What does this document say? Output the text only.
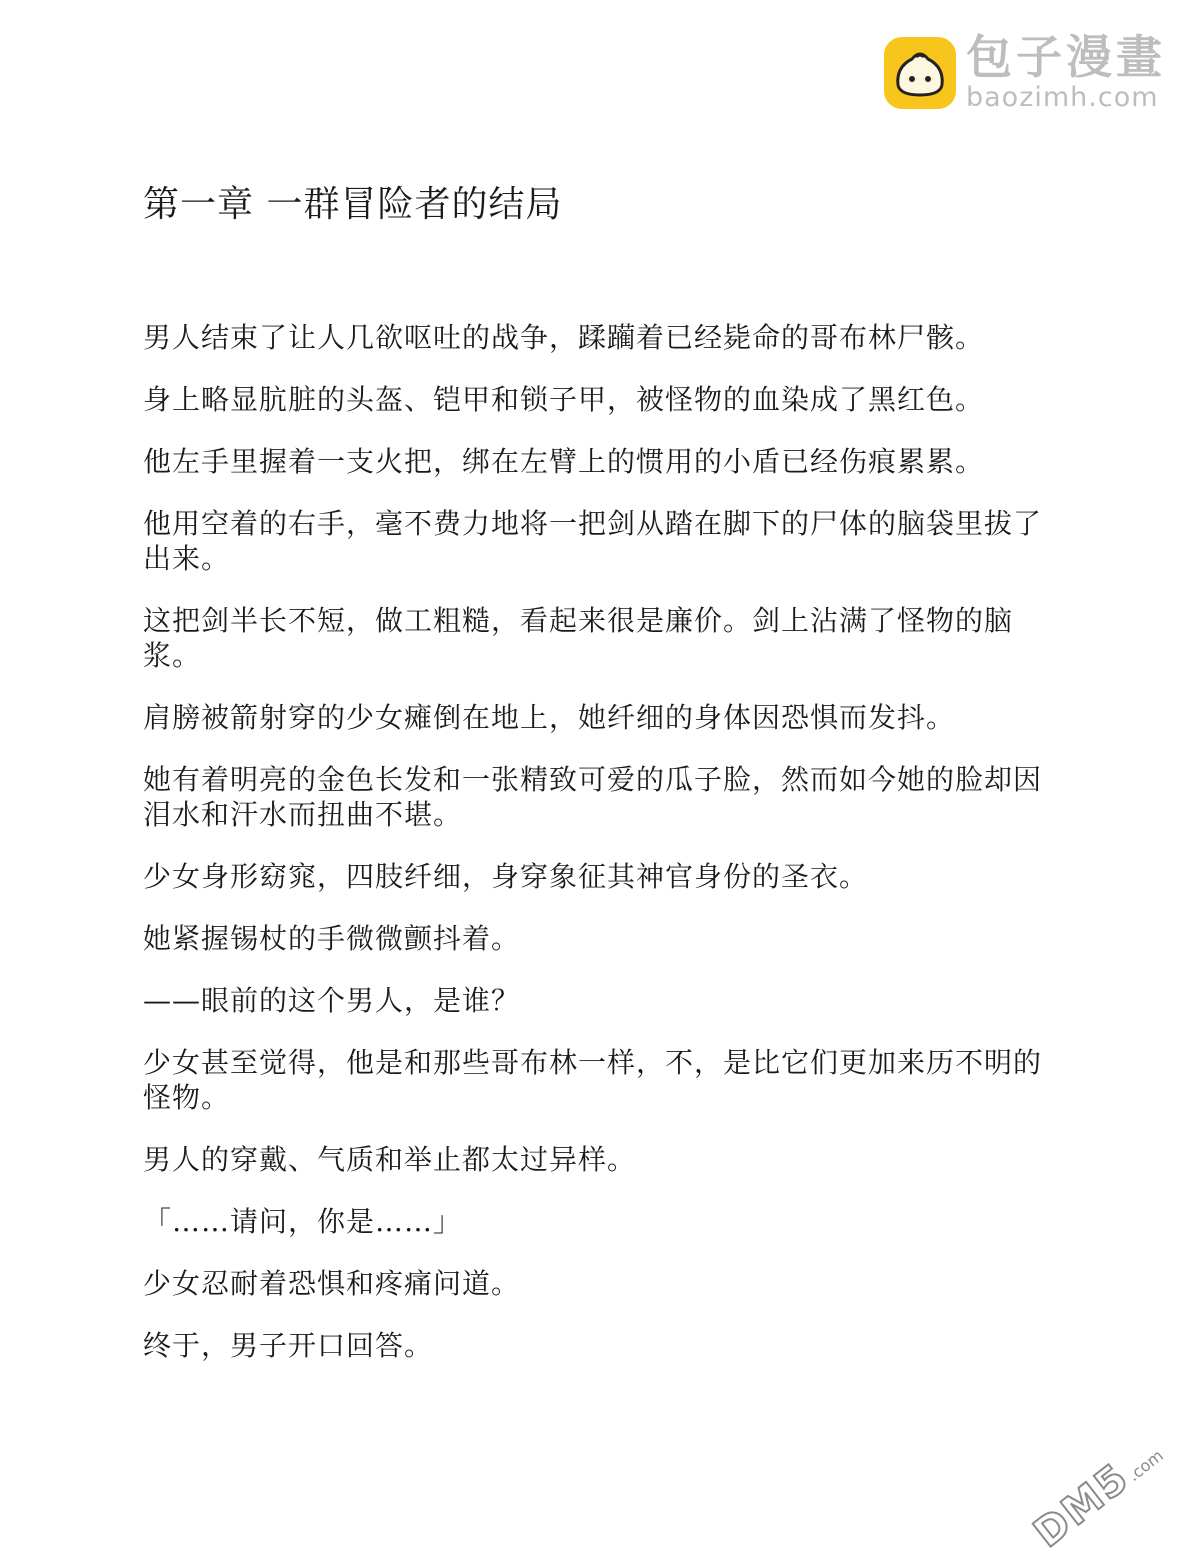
包子漫畫
baozimh.com
第一章 一群冒险者的结局

男人结束了让人几欲呕吐的战争，蹂躏着已经毙命的哥布林尸骸。

身上略显肮脏的头盔、铠甲和锁子甲，被怪物的血染成了黑红色。

他左手里握着一支火把，绑在左臂上的惯用的小盾已经伤痕累累。

他用空着的右手，毫不费力地将一把剑从踏在脚下的尸体的脑袋里拔了出来。

这把剑半长不短，做工粗糙，看起来很是廉价。剑上沾满了怪物的脑浆。

肩膀被箭射穿的少女瘫倒在地上，她纤细的身体因恐惧而发抖。

她有着明亮的金色长发和一张精致可爱的瓜子脸，然而如今她的脸却因泪水和汗水而扭曲不堪。

少女身形窈窕，四肢纤细，身穿象征其神官身份的圣衣。

她紧握锡杖的手微微颤抖着。

——眼前的这个男人，是谁？

少女甚至觉得，他是和那些哥布林一样，不，是比它们更加来历不明的怪物。

男人的穿戴、气质和举止都太过异样。

「……请问，你是……」

少女忍耐着恐惧和疼痛问道。

终于，男子开口回答。

DM5
.com
